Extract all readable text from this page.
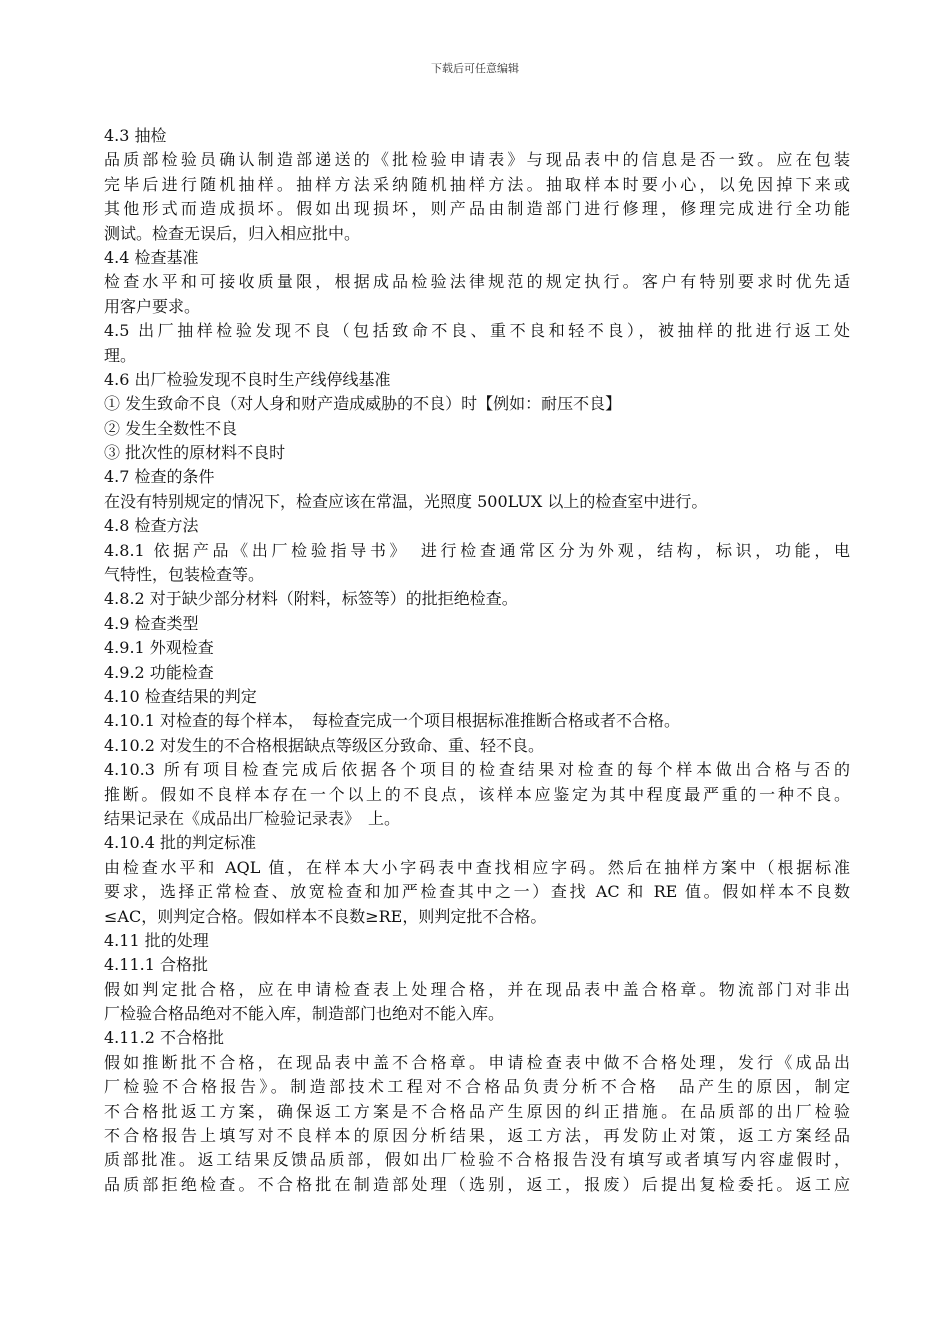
下载后可任意编辑
4.3 抽检
品质部检验员确认制造部递送的《批检验申请表》与现品表中的信息是否一致。应在包装
完毕后进行随机抽样。抽样方法采纳随机抽样方法。抽取样本时要小心，以免因掉下来或
其他形式而造成损坏。假如出现损坏，则产品由制造部门进行修理，修理完成进行全功能
测试。检查无误后，归入相应批中。
4.4 检查基准
检查水平和可接收质量限，根据成品检验法律规范的规定执行。客户有特别要求时优先适
用客户要求。
4.5 出厂抽样检验发现不良（包括致命不良、重不良和轻不良），被抽样的批进行返工处
理。
4.6 出厂检验发现不良时生产线停线基准
① 发生致命不良（对人身和财产造成威胁的不良）时【例如：耐压不良】
② 发生全数性不良
③ 批次性的原材料不良时
4.7 检查的条件
在没有特别规定的情况下，检查应该在常温，光照度 500LUX 以上的检查室中进行。
4.8 检查方法
4.8.1 依据产品《出厂检验指导书》　进行检查通常区分为外观，结构，标识，功能，电
气特性，包装检查等。
4.8.2 对于缺少部分材料（附料，标签等）的批拒绝检查。
4.9 检查类型
4.9.1 外观检查
4.9.2 功能检查
4.10 检查结果的判定
4.10.1 对检查的每个样本，　每检查完成一个项目根据标准推断合格或者不合格。
4.10.2 对发生的不合格根据缺点等级区分致命、重、轻不良。
4.10.3 所有项目检查完成后依据各个项目的检查结果对检查的每个样本做出合格与否的
推断。假如不良样本存在一个以上的不良点，该样本应鉴定为其中程度最严重的一种不良。
结果记录在《成品出厂检验记录表》　上。
4.10.4 批的判定标准
由检查水平和 AQL 值，在样本大小字码表中查找相应字码。然后在抽样方案中（根据标准
要求，选择正常检查、放宽检查和加严检查其中之一）查找 AC 和 RE 值。假如样本不良数
≤AC，则判定合格。假如样本不良数≥RE，则判定批不合格。
4.11 批的处理
4.11.1 合格批
假如判定批合格，应在申请检查表上处理合格，并在现品表中盖合格章。物流部门对非出
厂检验合格品绝对不能入库，制造部门也绝对不能入库。
4.11.2 不合格批
假如推断批不合格，在现品表中盖不合格章。申请检查表中做不合格处理，发行《成品出
厂检验不合格报告》。制造部技术工程对不合格品负责分析不合格　品产生的原因，制定
不合格批返工方案，确保返工方案是不合格品产生原因的纠正措施。在品质部的出厂检验
不合格报告上填写对不良样本的原因分析结果，返工方法，再发防止对策，返工方案经品
质部批准。返工结果反馈品质部，假如出厂检验不合格报告没有填写或者填写内容虚假时，
品质部拒绝检查。不合格批在制造部处理（选别，返工，报废）后提出复检委托。返工应
